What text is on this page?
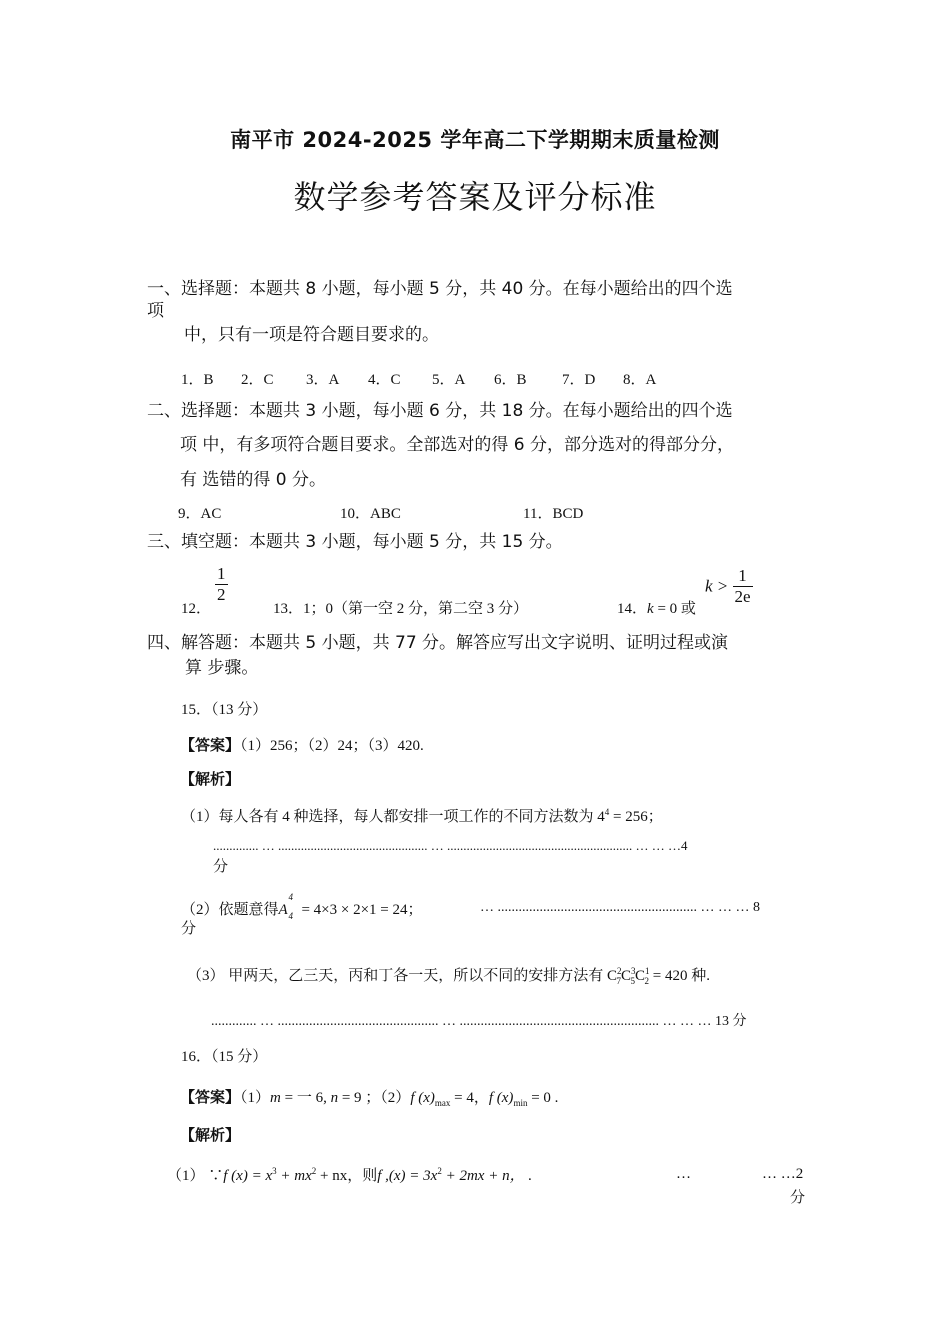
南平市 2024-2025 学年高二下学期期末质量检测
数学参考答案及评分标准
一、选择题：本题共 8 小题，每小题 5 分，共 40 分。在每小题给出的四个选
项
中，只有一项是符合题目要求的。
1．B 2．C 3．A 4．C 5．A 6．B 7．D 8．A
二、选择题：本题共 3 小题，每小题 6 分，共 18 分。在每小题给出的四个选
项 中，有多项符合题目要求。全部选对的得 6 分，部分选对的得部分分，
有 选错的得 0 分。
9．AC	10．ABC	11．BCD
三、填空题：本题共 3 小题，每小题 5 分，共 15 分。
12．
$\frac{1}{2}$
13．1；0（第一空 2 分，第二空 3 分）	14．k = 0 或
$k > \frac{1}{2e}$
四、解答题：本题共 5 小题，共 77 分。解答应写出文字说明、证明过程或演
算 步骤。
15．（13 分）
【答案】（1）256；（2）24；（3）420.
【解析】
（1）每人各有 4 种选择，每人都安排一项工作的不同方法数为 $4^4 = 256$；
.............. … .............................................. … ......................................................... … … …4
分
（2）依题意得A
4
4 = 4×3 × 2×1 = 24；	… ......................................................... … … … 8
分
（3） 甲两天，乙三天，丙和丁各一天，所以不同的安排方法有 $C^2_7C^3_5C^1_2 = 420$ 种.
............. … .............................................. … ......................................................... … … … 13 分
16．（15 分）
【答案】（1）m = 一 6, n = 9 ；（2）f $(x)_{max} = 4$，f $(x)_{min} = 0$ .
【解析】
（1） ∵f $(x) = x^3 + mx^2$ + nx，则f $,(x) = 3x^2 + 2mx + n$， .	…	… …2
分
